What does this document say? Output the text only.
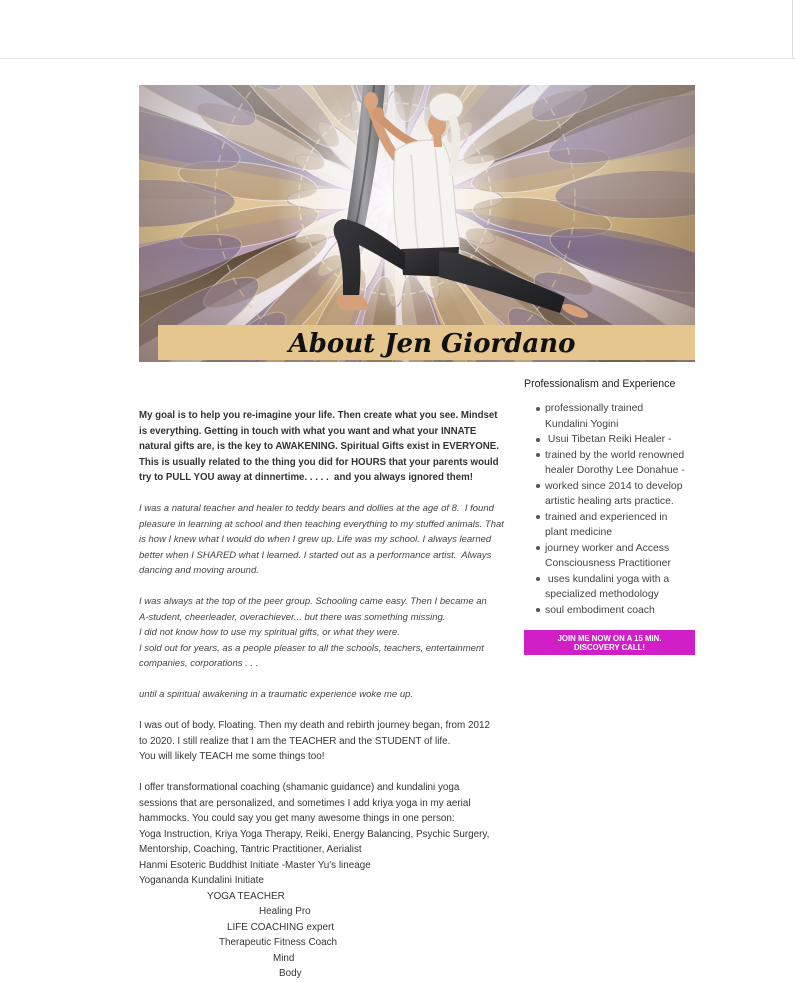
About Jen Giordano
My goal is to help you re-imagine your life. Then create what you see. Mindset
is everything. Getting in touch with what you want and what your INNATE
natural gifts are, is the key to AWAKENING. Spiritual Gifts exist in EVERYONE.
This is usually related to the thing you did for HOURS that your parents would
try to PULL YOU away at dinnertime. . . . .  and you always ignored them!
I was a natural teacher and healer to teddy bears and dollies at the age of 8.  I found
pleasure in learning at school and then teaching everything to my stuffed animals. That
is how I knew what I would do when I grew up. Life was my school. I always learned
better when I SHARED what I learned. I started out as a performance artist.  Always
dancing and moving around.
I was always at the top of the peer group. Schooling came easy. Then I became an
A-student, cheerleader, overachiever... but there was something missing.
I did not know how to use my spiritual gifts, or what they were.
I sold out for years, as a people pleaser to all the schools, teachers, entertainment
companies, corporations . . .
until a spiritual awakening in a traumatic experience woke me up.
I was out of body. Floating. Then my death and rebirth journey began, from 2012
to 2020. I still realize that I am the TEACHER and the STUDENT of life.
You will likely TEACH me some things too!
I offer transformational coaching (shamanic guidance) and kundalini yoga
sessions that are personalized, and sometimes I add kriya yoga in my aerial
hammocks. You could say you get many awesome things in one person:
Yoga Instruction, Kriya Yoga Therapy, Reiki, Energy Balancing, Psychic Surgery,
Mentorship, Coaching, Tantric Practitioner, Aerialist
Hanmi Esoteric Buddhist Initiate -Master Yu's lineage
Yogananda Kundalini Initiate
YOGA TEACHER
Healing Pro
LIFE COACHING expert
Therapeutic Fitness Coach
Mind
Body
Professionalism and Experience
professionally trained Kundalini Yogini
Usui Tibetan Reiki Healer -
trained by the world renowned healer Dorothy Lee Donahue -
worked since 2014 to develop artistic healing arts practice.
trained and experienced in plant medicine
journey worker and Access Consciousness Practitioner
uses kundalini yoga with a specialized methodology
soul embodiment coach
JOIN ME NOW ON A 15 MIN. DISCOVERY CALL!
